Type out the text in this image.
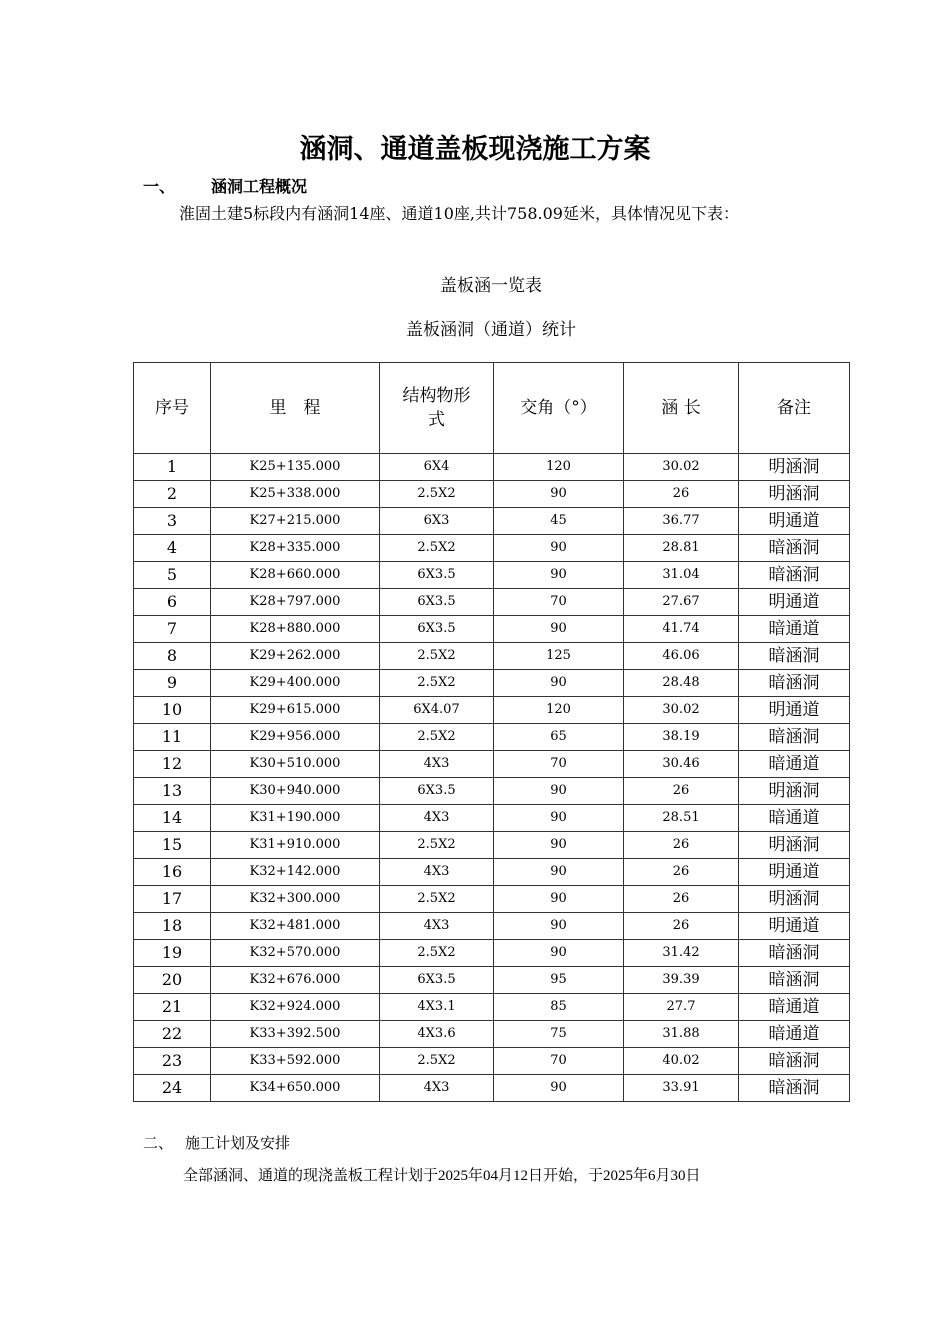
涵洞、通道盖板现浇施工方案
一、 涵洞工程概况
淮固土建5标段内有涵洞14座、通道10座,共计758.09延米，具体情况见下表：
盖板涵一览表
盖板涵洞（通道）统计
序号	里　程	结构物形式	交角（°）	涵 长	备注
1	K25+135.000	6X4	120	30.02	明涵洞
2	K25+338.000	2.5X2	90	26	明涵洞
3	K27+215.000	6X3	45	36.77	明通道
4	K28+335.000	2.5X2	90	28.81	暗涵洞
5	K28+660.000	6X3.5	90	31.04	暗涵洞
6	K28+797.000	6X3.5	70	27.67	明通道
7	K28+880.000	6X3.5	90	41.74	暗通道
8	K29+262.000	2.5X2	125	46.06	暗涵洞
9	K29+400.000	2.5X2	90	28.48	暗涵洞
10	K29+615.000	6X4.07	120	30.02	明通道
11	K29+956.000	2.5X2	65	38.19	暗涵洞
12	K30+510.000	4X3	70	30.46	暗通道
13	K30+940.000	6X3.5	90	26	明涵洞
14	K31+190.000	4X3	90	28.51	暗通道
15	K31+910.000	2.5X2	90	26	明涵洞
16	K32+142.000	4X3	90	26	明通道
17	K32+300.000	2.5X2	90	26	明涵洞
18	K32+481.000	4X3	90	26	明通道
19	K32+570.000	2.5X2	90	31.42	暗涵洞
20	K32+676.000	6X3.5	95	39.39	暗涵洞
21	K32+924.000	4X3.1	85	27.7	暗通道
22	K33+392.500	4X3.6	75	31.88	暗通道
23	K33+592.000	2.5X2	70	40.02	暗涵洞
24	K34+650.000	4X3	90	33.91	暗涵洞
二、 施工计划及安排
全部涵洞、通道的现浇盖板工程计划于2025年04月12日开始，于2025年6月30日
